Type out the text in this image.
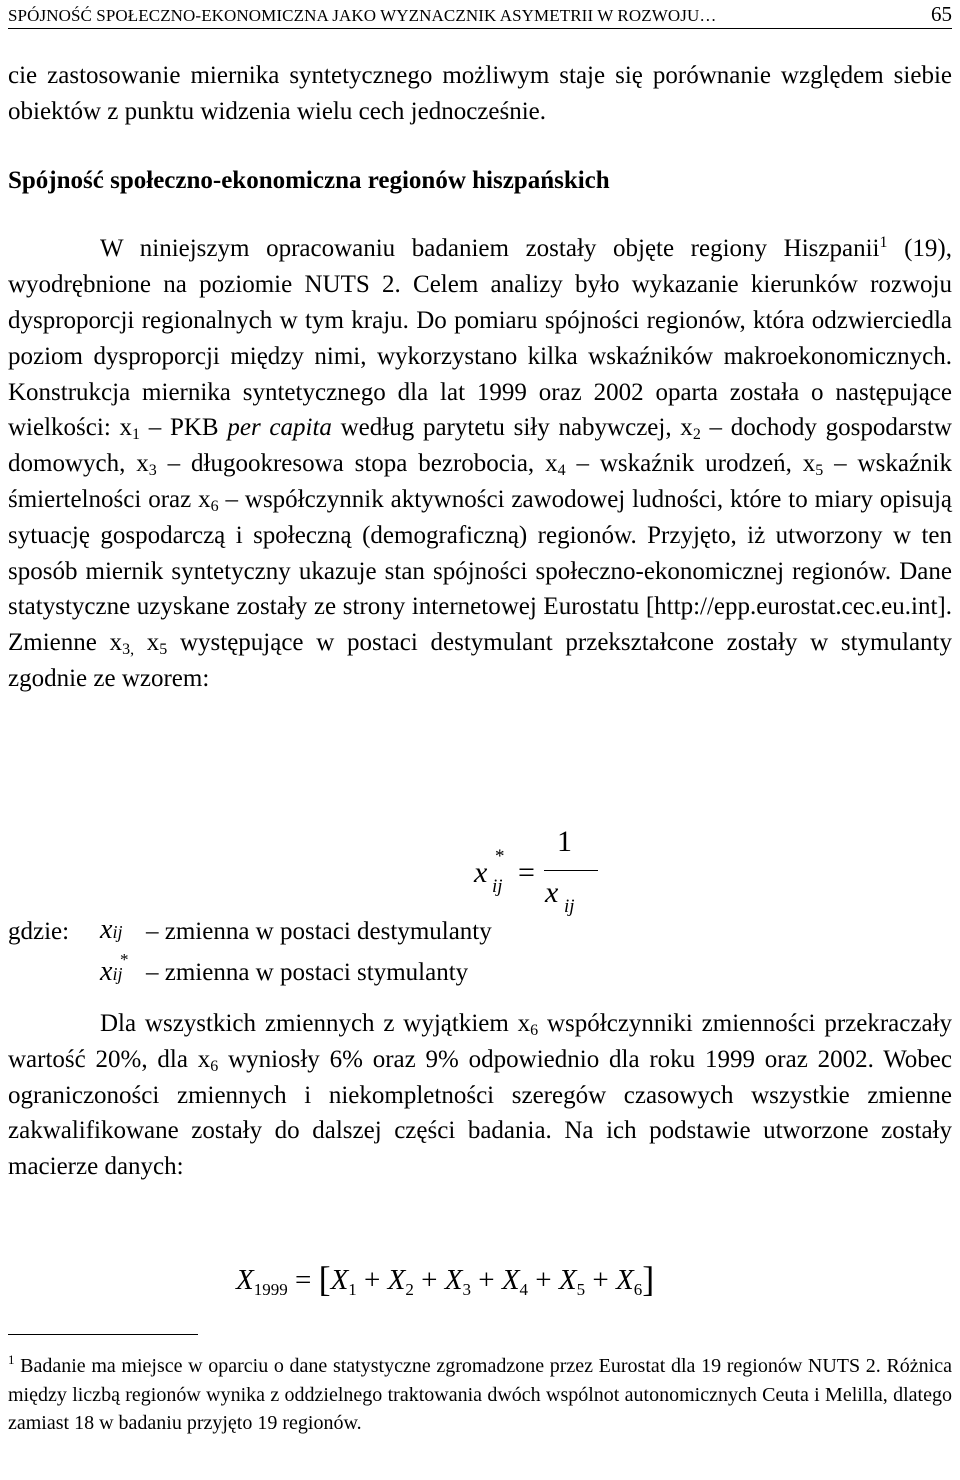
SPÓJNOŚĆ SPOŁECZNO-EKONOMICZNA JAKO WYZNACZNIK ASYMETRII W ROZWOJU…	65

cie zastosowanie miernika syntetycznego możliwym staje się porównanie względem siebie obiektów z punktu widzenia wielu cech jednocześnie.

Spójność społeczno-ekonomiczna regionów hiszpańskich

W niniejszym opracowaniu badaniem zostały objęte regiony Hiszpanii$^1$ (19), wyodrębnione na poziomie NUTS 2. Celem analizy było wykazanie kierunków rozwoju dysproporcji regionalnych w tym kraju. Do pomiaru spójności regionów, która odzwierciedla poziom dysproporcji między nimi, wykorzystano kilka wskaźników makroekonomicznych. Konstrukcja miernika syntetycznego dla lat 1999 oraz 2002 oparta została o następujące wielkości: $x_1$ – PKB per capita według parytetu siły nabywczej, $x_2$ – dochody gospodarstw domowych, $x_3$ – długookresowa stopa bezrobocia, $x_4$ – wskaźnik urodzeń, $x_5$ – wskaźnik śmiertelności oraz $x_6$ – współczynnik aktywności zawodowej ludności, które to miary opisują sytuację gospodarczą i społeczną (demograficzną) regionów. Przyjęto, iż utworzony w ten sposób miernik syntetyczny ukazuje stan spójności społeczno-ekonomicznej regionów. Dane statystyczne uzyskane zostały ze strony internetowej Eurostatu [http://epp.eurostat.cec.eu.int]. Zmienne $x_{3,}$ $x_5$ występujące w postaci destymulant przekształcone zostały w stymulanty zgodnie ze wzorem:

x *
ij =
1
x ij
gdzie: xij – zmienna w postaci destymulanty
*
xij – zmienna w postaci stymulanty

Dla wszystkich zmiennych z wyjątkiem $x_6$ współczynniki zmienności przekraczały wartość 20%, dla $x_6$ wyniosły 6% oraz 9% odpowiednio dla roku 1999 oraz 2002. Wobec ograniczoności zmiennych i niekompletności szeregów czasowych wszystkie zmienne zakwalifikowane zostały do dalszej części badania. Na ich podstawie utworzone zostały macierze danych:

$X_{1999} = [X_1 + X_2 + X_3 + X_4 + X_5 + X_6]$

$^1$ Badanie ma miejsce w oparciu o dane statystyczne zgromadzone przez Eurostat dla 19 regionów NUTS 2. Różnica między liczbą regionów wynika z oddzielnego traktowania dwóch wspólnot autonomicznych Ceuta i Melilla, dlatego zamiast 18 w badaniu przyjęto 19 regionów.
